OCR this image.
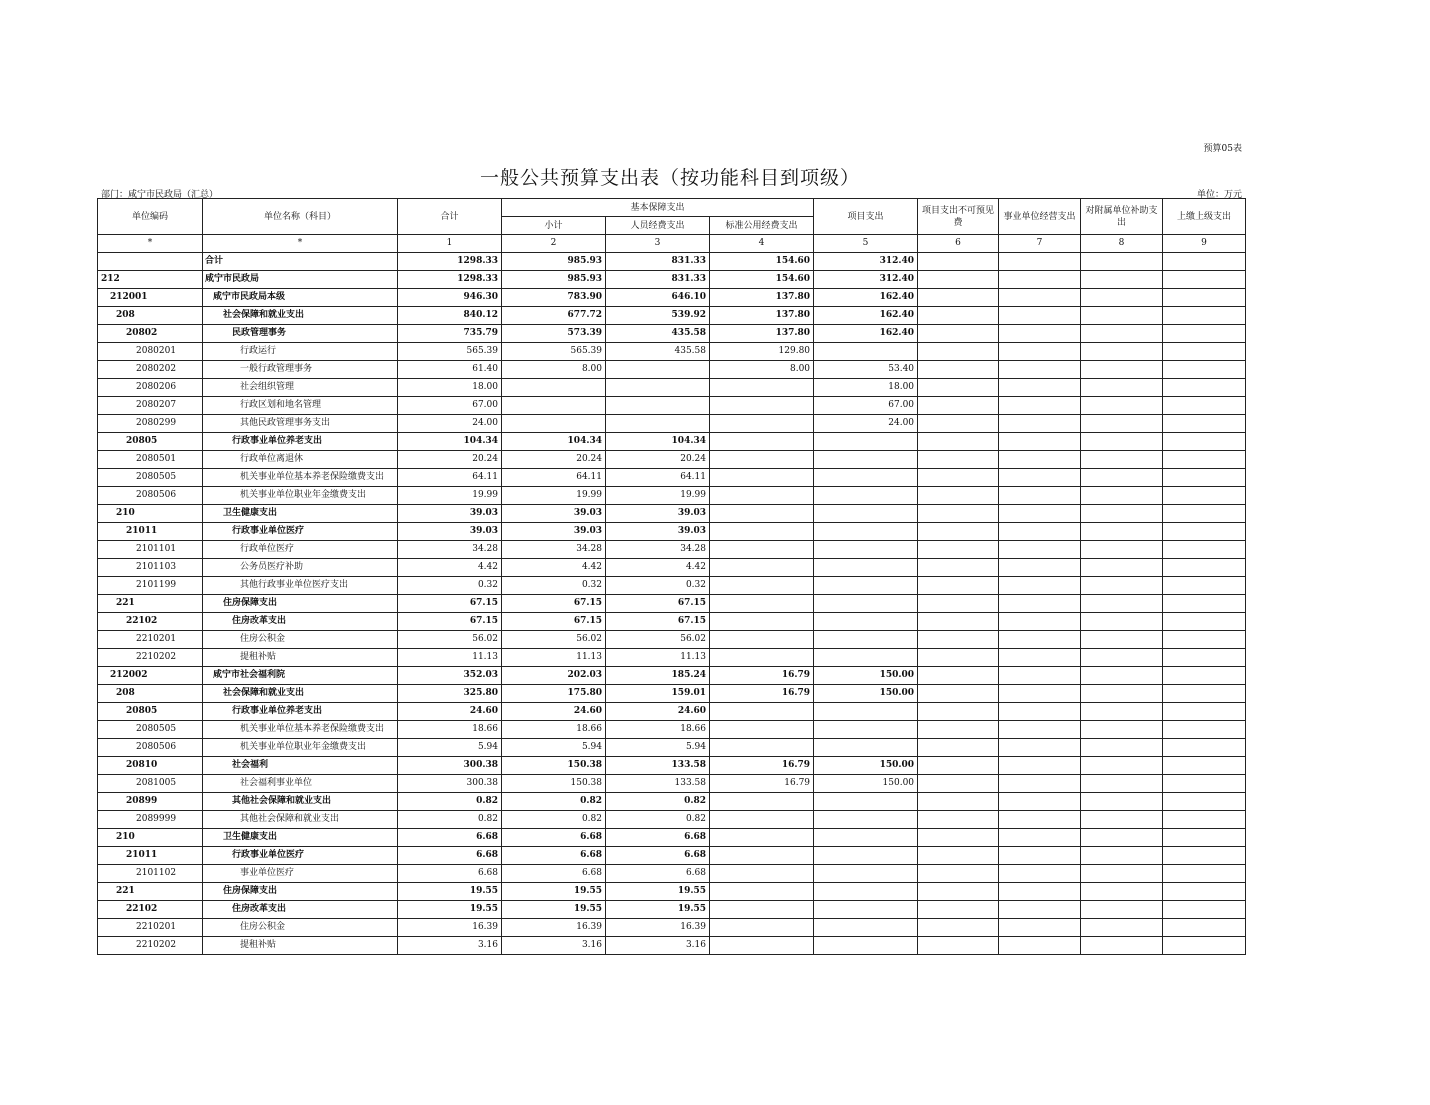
预算05表
一般公共预算支出表（按功能科目到项级）
部门：咸宁市民政局（汇总）	单位：万元
单位编码	单位名称（科目）	合计	基本保障支出			项目支出	项目支出不可预见费	事业单位经营支出	对附属单位补助支出	上缴上级支出
			小计	人员经费支出	标准公用经费支出					
*	*	1	2	3	4	5	6	7	8	9
	合计	1298.33	985.93	831.33	154.60	312.40				
212	咸宁市民政局	1298.33	985.93	831.33	154.60	312.40				
212001	咸宁市民政局本级	946.30	783.90	646.10	137.80	162.40				
208	社会保障和就业支出	840.12	677.72	539.92	137.80	162.40				
20802	民政管理事务	735.79	573.39	435.58	137.80	162.40				
2080201	行政运行	565.39	565.39	435.58	129.80					
2080202	一般行政管理事务	61.40	8.00		8.00	53.40				
2080206	社会组织管理	18.00				18.00				
2080207	行政区划和地名管理	67.00				67.00				
2080299	其他民政管理事务支出	24.00				24.00				
20805	行政事业单位养老支出	104.34	104.34	104.34						
2080501	行政单位离退休	20.24	20.24	20.24						
2080505	机关事业单位基本养老保险缴费支出	64.11	64.11	64.11						
2080506	机关事业单位职业年金缴费支出	19.99	19.99	19.99						
210	卫生健康支出	39.03	39.03	39.03						
21011	行政事业单位医疗	39.03	39.03	39.03						
2101101	行政单位医疗	34.28	34.28	34.28						
2101103	公务员医疗补助	4.42	4.42	4.42						
2101199	其他行政事业单位医疗支出	0.32	0.32	0.32						
221	住房保障支出	67.15	67.15	67.15						
22102	住房改革支出	67.15	67.15	67.15						
2210201	住房公积金	56.02	56.02	56.02						
2210202	提租补贴	11.13	11.13	11.13						
212002	咸宁市社会福利院	352.03	202.03	185.24	16.79	150.00				
208	社会保障和就业支出	325.80	175.80	159.01	16.79	150.00				
20805	行政事业单位养老支出	24.60	24.60	24.60						
2080505	机关事业单位基本养老保险缴费支出	18.66	18.66	18.66						
2080506	机关事业单位职业年金缴费支出	5.94	5.94	5.94						
20810	社会福利	300.38	150.38	133.58	16.79	150.00				
2081005	社会福利事业单位	300.38	150.38	133.58	16.79	150.00				
20899	其他社会保障和就业支出	0.82	0.82	0.82						
2089999	其他社会保障和就业支出	0.82	0.82	0.82						
210	卫生健康支出	6.68	6.68	6.68						
21011	行政事业单位医疗	6.68	6.68	6.68						
2101102	事业单位医疗	6.68	6.68	6.68						
221	住房保障支出	19.55	19.55	19.55						
22102	住房改革支出	19.55	19.55	19.55						
2210201	住房公积金	16.39	16.39	16.39						
2210202	提租补贴	3.16	3.16	3.16						
